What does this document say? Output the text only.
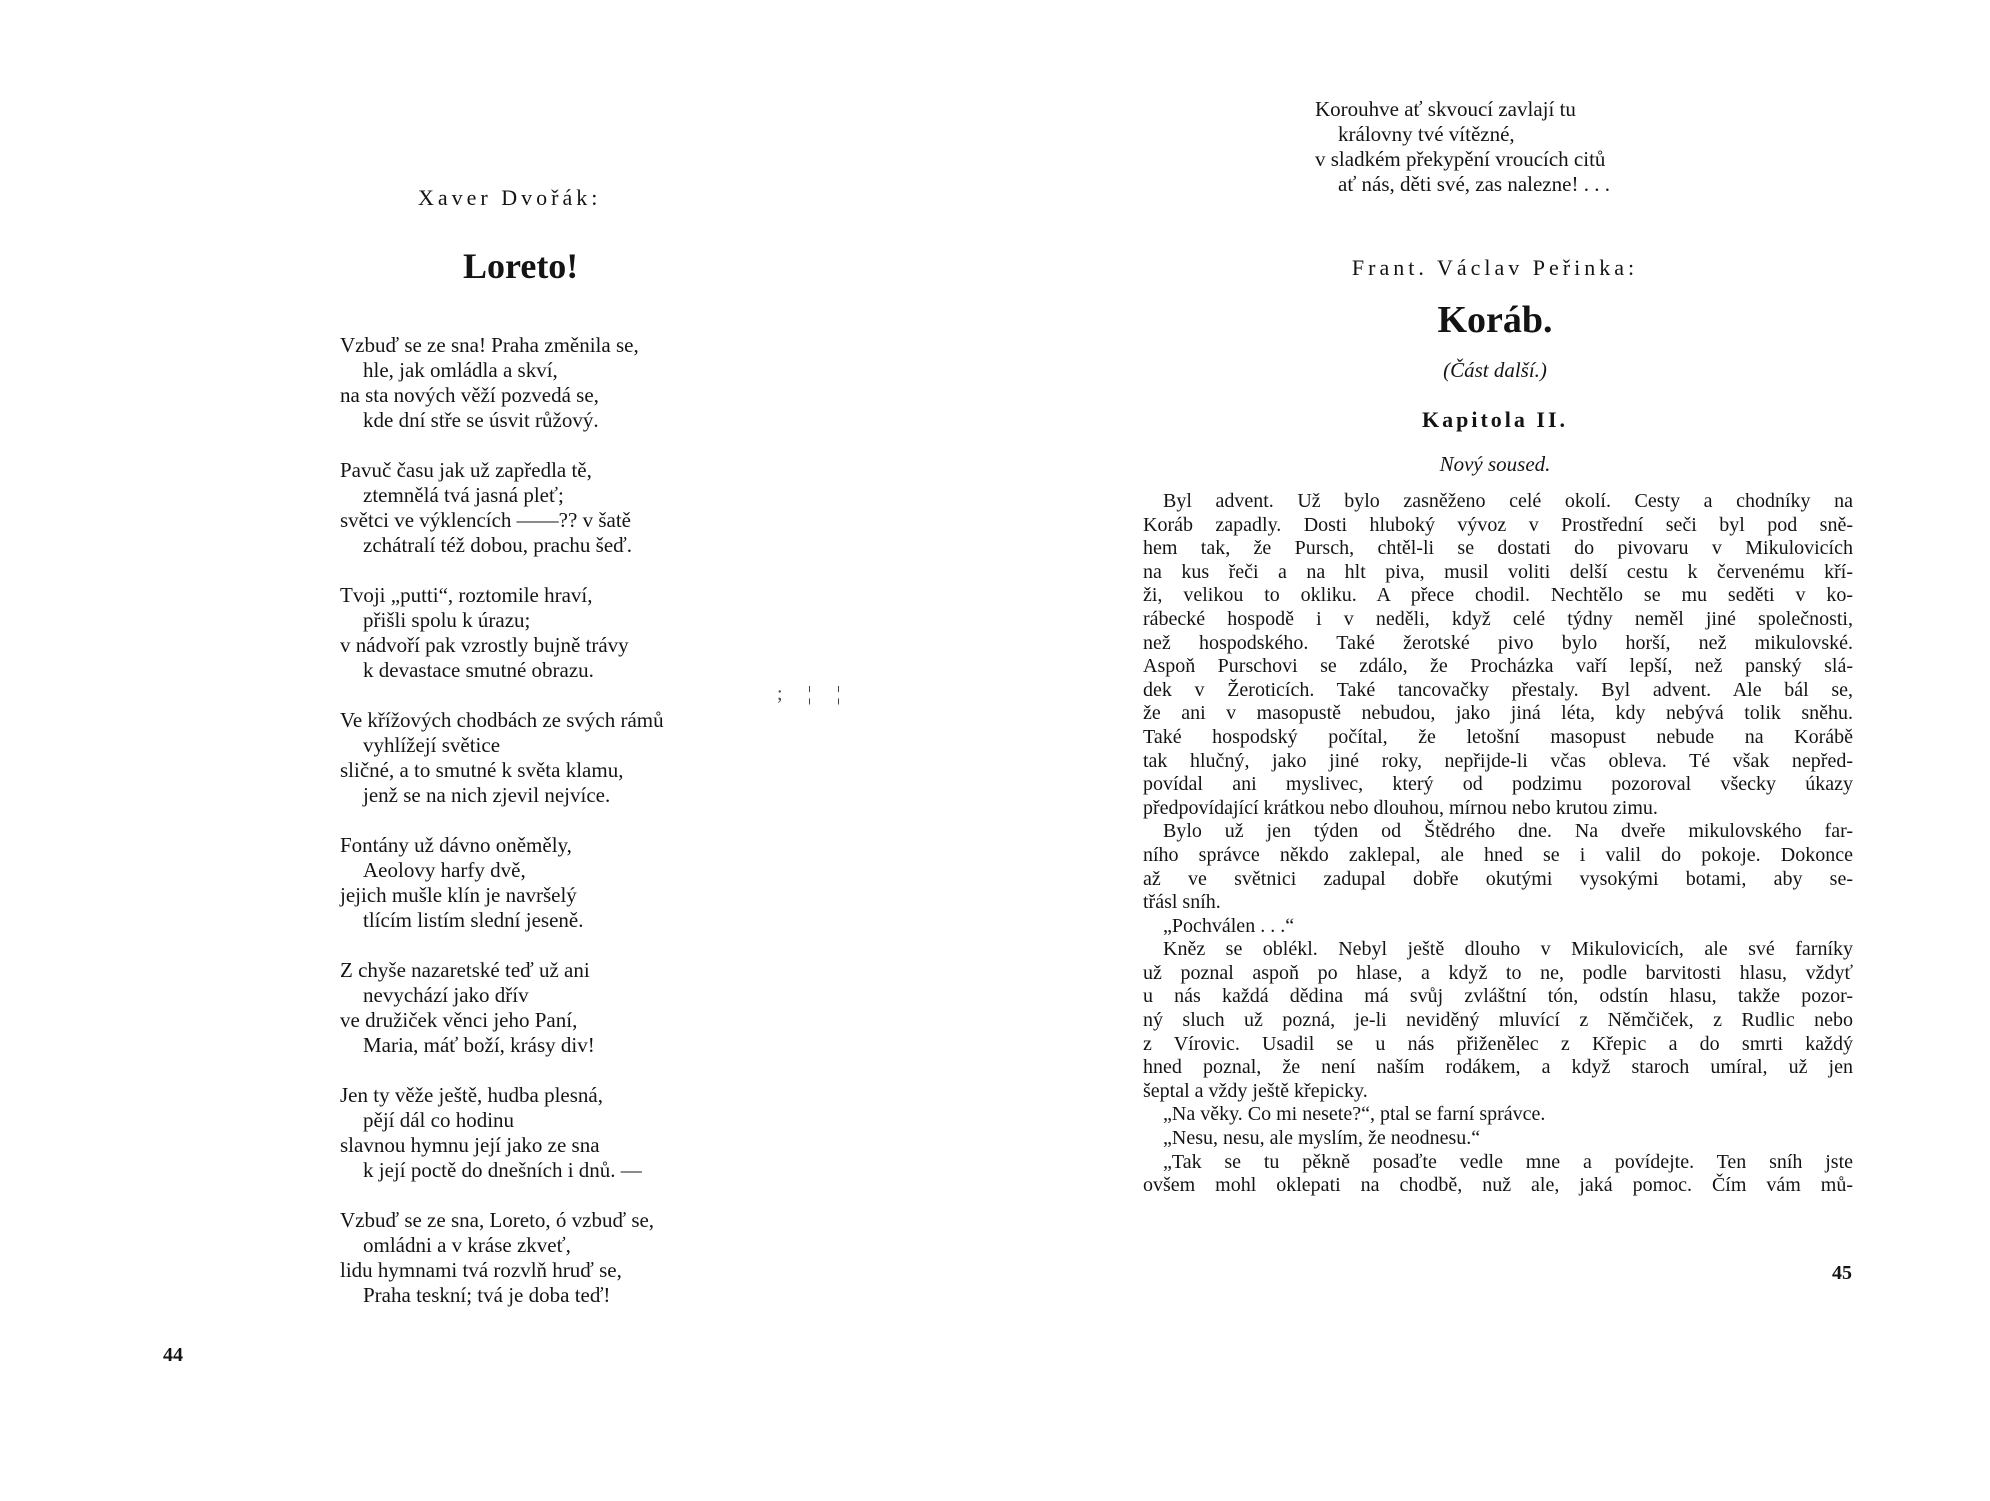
Xaver Dvořák:
Loreto!
Vzbuď se ze sna! Praha změnila se,
hle, jak omládla a skví,
na sta nových věží pozvedá se,
kde dní stře se úsvit růžový.
Pavuč času jak už zapředla tě,
ztemnělá tvá jasná pleť;
světci ve výklencích ——?? v šatě
zchátralí též dobou, prachu šeď.
Tvoji „putti“, roztomile hraví,
přišli spolu k úrazu;
v nádvoří pak vzrostly bujně trávy
k devastace smutné obrazu.
Ve křížových chodbách ze svých rámů
vyhlížejí světice
sličné, a to smutné k světa klamu,
jenž se na nich zjevil nejvíce.
Fontány už dávno oněměly,
Aeolovy harfy dvě,
jejich mušle klín je navršelý
tlícím listím slední jeseně.
Z chyše nazaretské teď už ani
nevychází jako dřív
ve družiček věnci jeho Paní,
Maria, máť boží, krásy div!
Jen ty věže ještě, hudba plesná,
pějí dál co hodinu
slavnou hymnu její jako ze sna
k její poctě do dnešních i dnů. —
Vzbuď se ze sna, Loreto, ó vzbuď se,
omládni a v kráse zkveť,
lidu hymnami tvá rozvlň hruď se,
Praha teskní; tvá je doba teď!
44
; ¦ ¦
Korouhve ať skvoucí zavlají tu
královny tvé vítězné,
v sladkém překypění vroucích citů
ať nás, děti své, zas nalezne! . . .
Frant. Václav Peřinka:
Koráb.
(Část další.)
Kapitola II.
Nový soused.
Byl advent. Už bylo zasněženo celé okolí. Cesty a chodníky na
Koráb zapadly. Dosti hluboký vývoz v Prostřední seči byl pod sně-
hem tak, že Pursch, chtěl-li se dostati do pivovaru v Mikulovicích
na kus řeči a na hlt piva, musil voliti delší cestu k červenému kří-
ži, velikou to okliku. A přece chodil. Nechtělo se mu seděti v ko-
rábecké hospodě i v neděli, když celé týdny neměl jiné společnosti,
než hospodského. Také žerotské pivo bylo horší, než mikulovské.
Aspoň Purschovi se zdálo, že Procházka vaří lepší, než panský slá-
dek v Žeroticích. Také tancovačky přestaly. Byl advent. Ale bál se,
že ani v masopustě nebudou, jako jiná léta, kdy nebývá tolik sněhu.
Také hospodský počítal, že letošní masopust nebude na Korábě
tak hlučný, jako jiné roky, nepřijde-li včas obleva. Té však nepřed-
povídal ani myslivec, který od podzimu pozoroval všecky úkazy
předpovídající krátkou nebo dlouhou, mírnou nebo krutou zimu.
Bylo už jen týden od Štědrého dne. Na dveře mikulovského far-
ního správce někdo zaklepal, ale hned se i valil do pokoje. Dokonce
až ve světnici zadupal dobře okutými vysokými botami, aby se-
třásl sníh.
„Pochválen . . .“
Kněz se oblékl. Nebyl ještě dlouho v Mikulovicích, ale své farníky
už poznal aspoň po hlase, a když to ne, podle barvitosti hlasu, vždyť
u nás každá dědina má svůj zvláštní tón, odstín hlasu, takže pozor-
ný sluch už pozná, je-li neviděný mluvící z Němčiček, z Rudlic nebo
z Vírovic. Usadil se u nás přiženělec z Křepic a do smrti každý
hned poznal, že není naším rodákem, a když staroch umíral, už jen
šeptal a vždy ještě křepicky.
„Na věky. Co mi nesete?“, ptal se farní správce.
„Nesu, nesu, ale myslím, že neodnesu.“
„Tak se tu pěkně posaďte vedle mne a povídejte. Ten sníh jste
ovšem mohl oklepati na chodbě, nuž ale, jaká pomoc. Čím vám mů-
45
